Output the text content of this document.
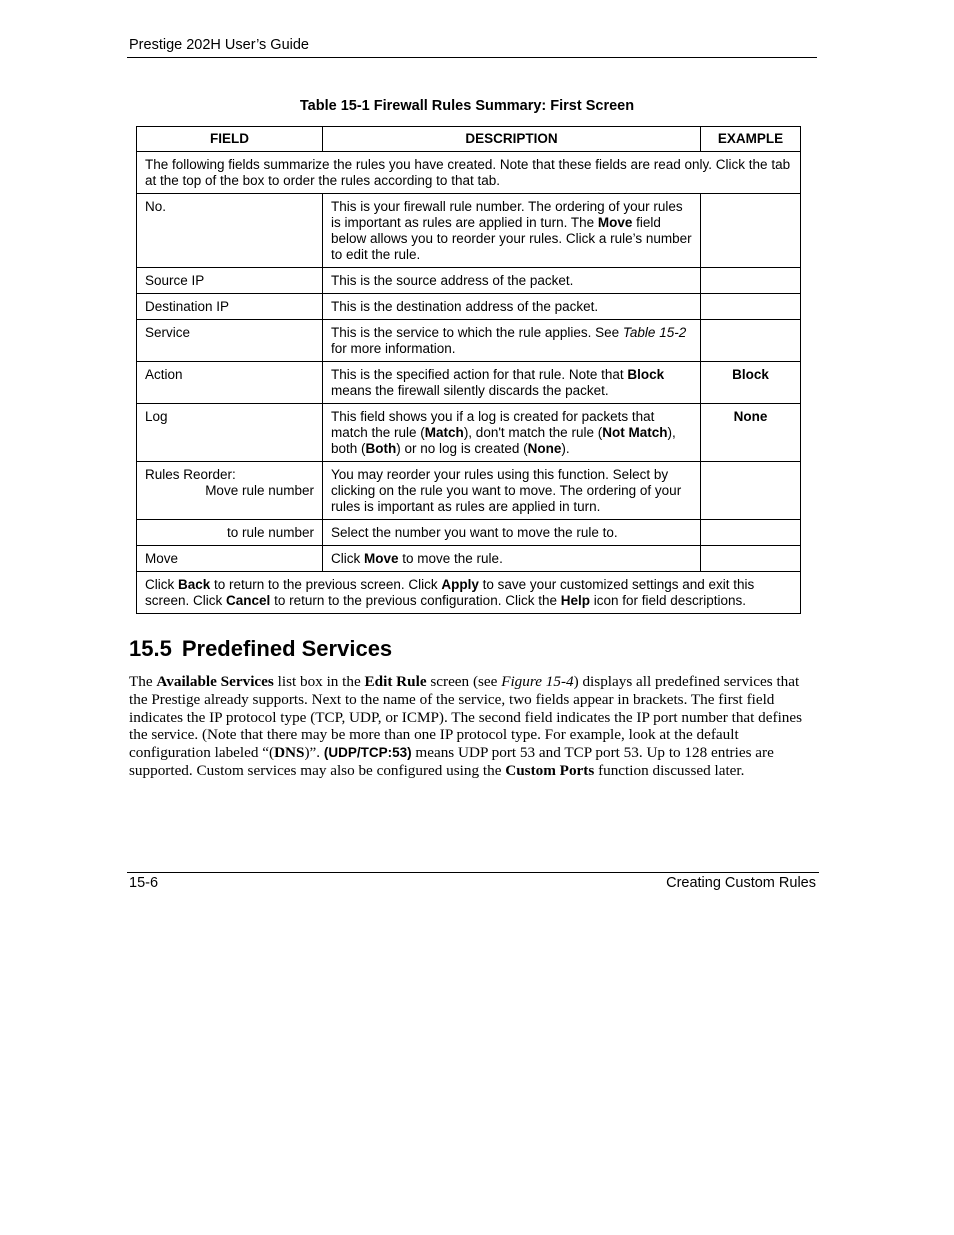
Prestige 202H User’s Guide
Table 15-1 Firewall Rules Summary: First Screen
FIELD	DESCRIPTION	EXAMPLE
The following fields summarize the rules you have created. Note that these fields are read only. Click the tab at the top of the box to order the rules according to that tab.		
No.	This is your firewall rule number. The ordering of your rules is important as rules are applied in turn. The Move field below allows you to reorder your rules. Click a rule’s number to edit the rule.	
Source IP	This is the source address of the packet.	
Destination IP	This is the destination address of the packet.	
Service	This is the service to which the rule applies. See Table 15-2 for more information.	
Action	This is the specified action for that rule. Note that Block means the firewall silently discards the packet.	Block
Log	This field shows you if a log is created for packets that match the rule (Match), don't match the rule (Not Match), both (Both) or no log is created (None).	None

Rules Reorder:
Move rule number	You may reorder your rules using this function. Select by clicking on the rule you want to move. The ordering of your rules is important as rules are applied in turn.	
to rule number	Select the number you want to move the rule to.	
Move	Click Move to move the rule.	
Click Back to return to the previous screen. Click Apply to save your customized settings and exit this screen. Click Cancel to return to the previous configuration. Click the Help icon for field descriptions.		
15.5 Predefined Services
The Available Services list box in the Edit Rule screen (see Figure 15-4) displays all predefined services that the Prestige already supports. Next to the name of the service, two fields appear in brackets. The first field indicates the IP protocol type (TCP, UDP, or ICMP). The second field indicates the IP port number that defines the service. (Note that there may be more than one IP protocol type. For example, look at the default configuration labeled “(DNS)”. (UDP/TCP:53) means UDP port 53 and TCP port 53. Up to 128 entries are supported. Custom services may also be configured using the Custom Ports function discussed later.
15-6	Creating Custom Rules
